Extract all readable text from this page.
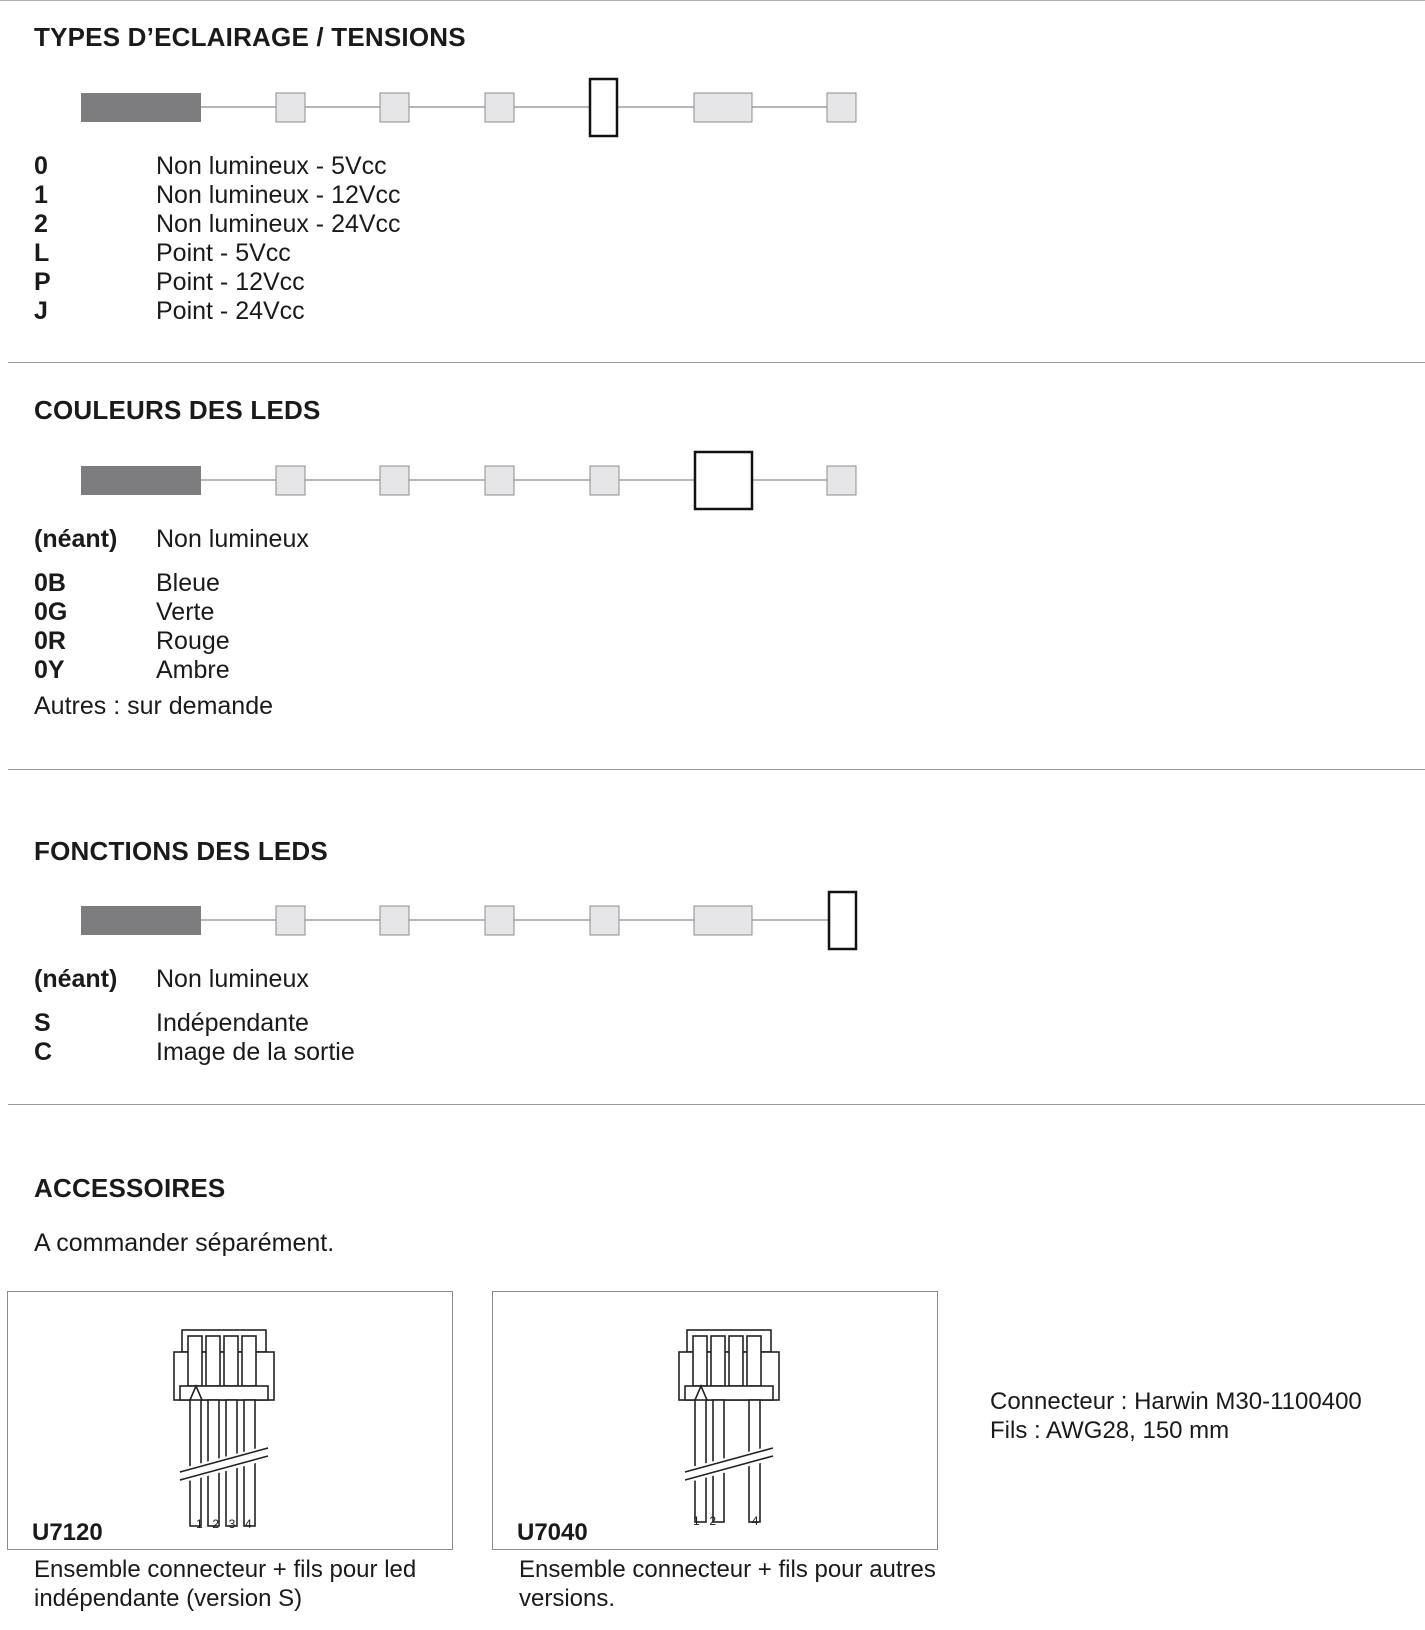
TYPES D’ECLAIRAGE / TENSIONS
0	Non lumineux - 5Vcc
1	Non lumineux - 12Vcc
2	Non lumineux - 24Vcc
L	Point - 5Vcc
P	Point - 12Vcc
J	Point - 24Vcc
COULEURS DES LEDS
(néant) Non lumineux
0B	Bleue
0G	Verte
0R	Rouge
0Y	Ambre
Autres : sur demande
FONCTIONS DES LEDS
(néant) Non lumineux
S	Indépendante
C	Image de la sortie
ACCESSOIRES
A commander séparément.
1  2  3  4
U7120
Ensemble connecteur + fils pour led
indépendante (version S)
1  2        4
U7040
Ensemble connecteur + fils pour autres
versions.
Connecteur : Harwin M30-1100400
Fils : AWG28, 150 mm
